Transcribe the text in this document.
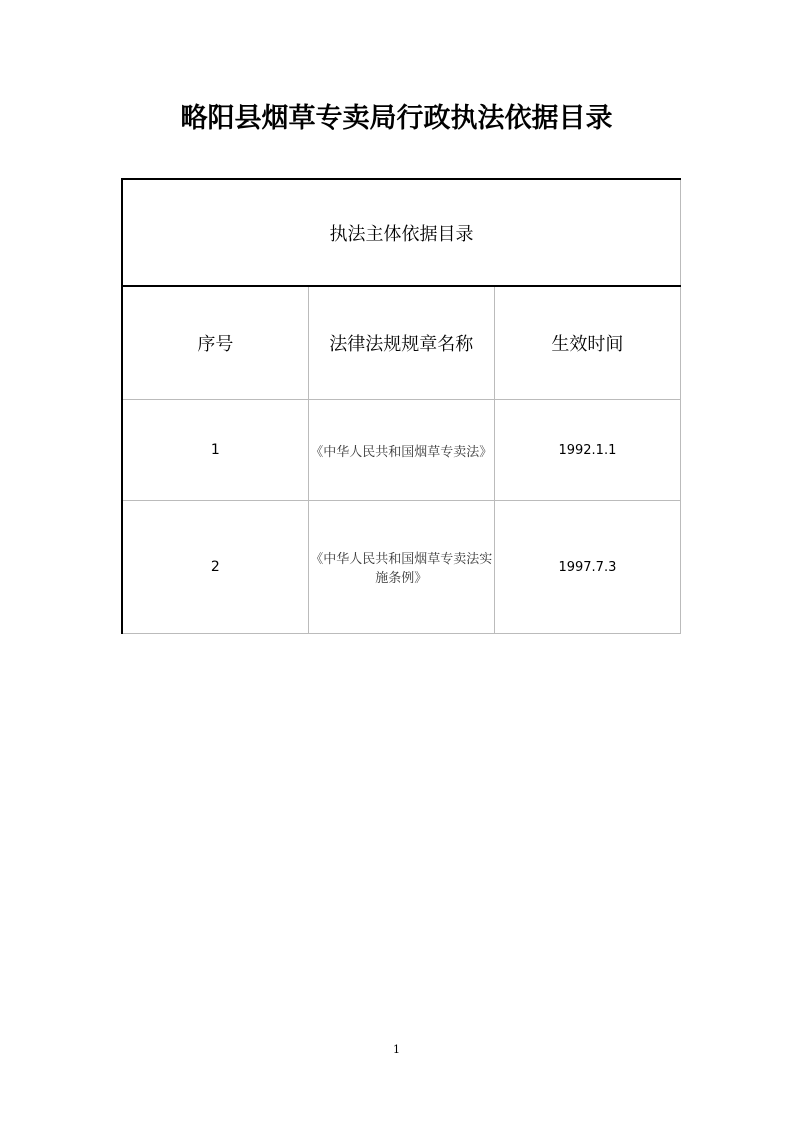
略阳县烟草专卖局行政执法依据目录
执法主体依据目录		
序号	法律法规规章名称	生效时间
1	《中华人民共和国烟草专卖法》	1992.1.1
2	《中华人民共和国烟草专卖法实施条例》	1997.7.3
1
